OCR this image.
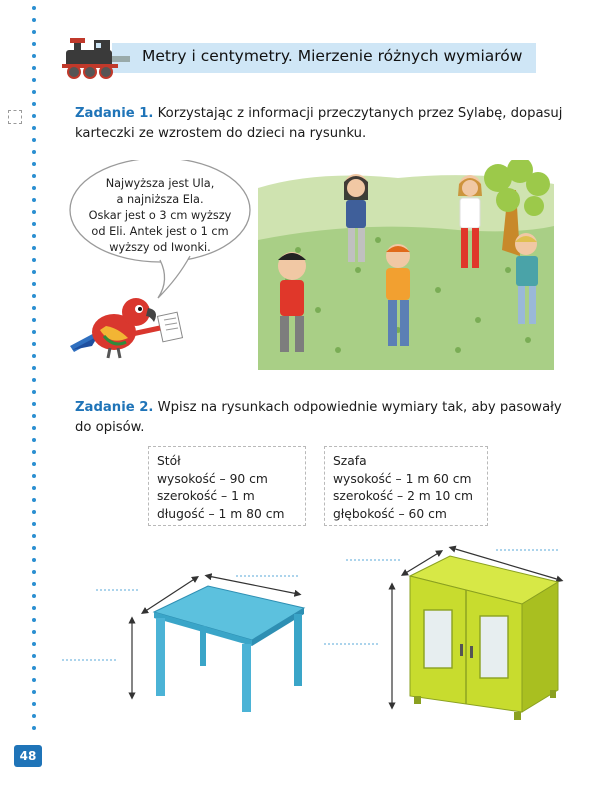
Metry i centymetry. Mierzenie różnych wymiarów
Zadanie 1. Korzystając z informacji przeczytanych przez Sylabę, dopasuj
karteczki ze wzrostem do dzieci na rysunku.
Najwyższa jest Ula,
a najniższa Ela.
Oskar jest o 3 cm wyższy
od Eli. Antek jest o 1 cm
wyższy od Iwonki.
Zadanie 2. Wpisz na rysunkach odpowiednie wymiary tak, aby pasowały
do opisów.
Stół
wysokość – 90 cm
szerokość – 1 m
długość – 1 m 80 cm
Szafa
wysokość – 1 m 60 cm
szerokość – 2 m 10 cm
głębokość – 60 cm
48
